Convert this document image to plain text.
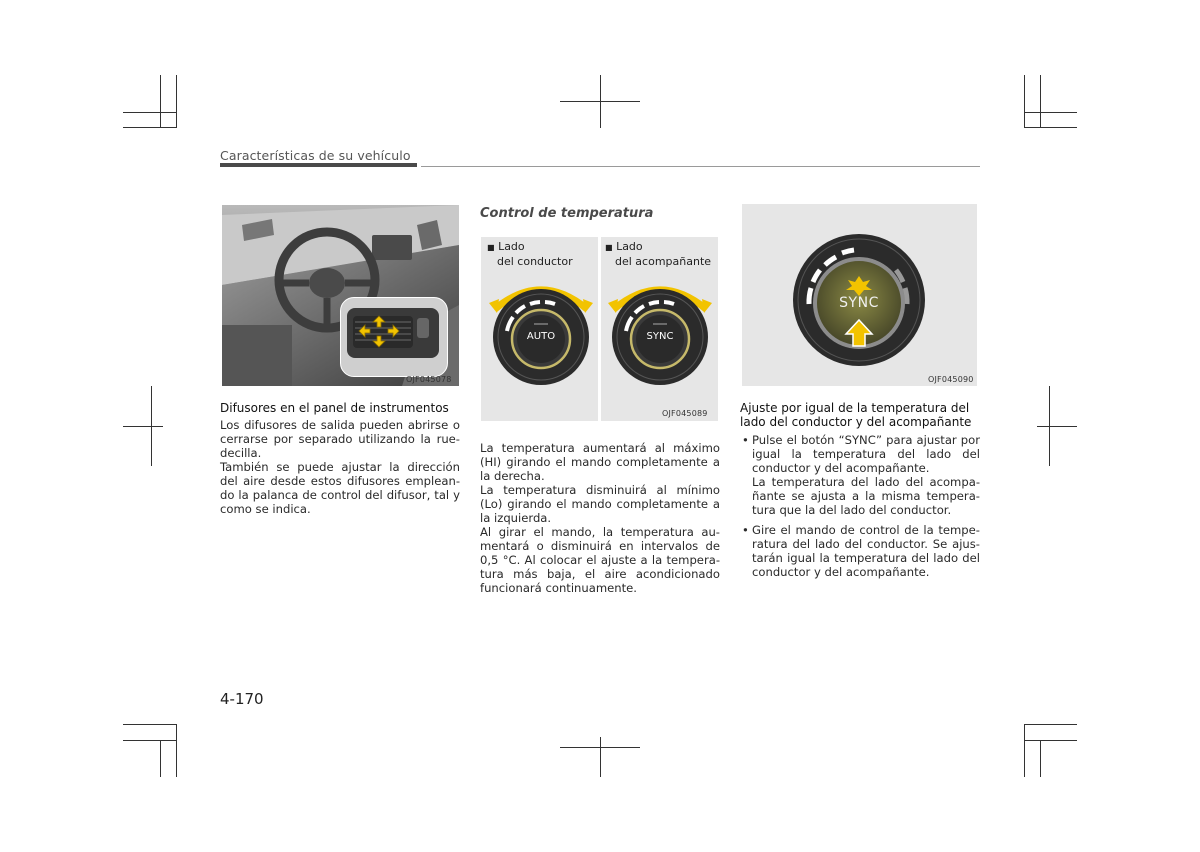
Características de su vehículo
OJF045078
Difusores en el panel de instrumentos

Los difusores de salida pueden abrirse o cerrarse por separado utilizando la rue-decilla.

También se puede ajustar la dirección del aire desde estos difusores emplean-do la palanca de control del difusor, tal y como se indica.

Control de temperatura
■ Lado
del conductor
■ Lado
del acompañante
AUTO	SYNC
OJF045089

La temperatura aumentará al máximo (HI) girando el mando completamente a la derecha.

La temperatura disminuirá al mínimo (Lo) girando el mando completamente a la izquierda.

Al girar el mando, la temperatura au-mentará o disminuirá en intervalos de 0,5 °C. Al colocar el ajuste a la tempera-tura más baja, el aire acondicionado funcionará continuamente.

SYNC
OJF045090
Ajuste por igual de la temperatura del
lado del conductor y del acompañante
• Pulse el botón “SYNC” para ajustar por igual la temperatura del lado del conductor y del acompañante.
La temperatura del lado del acompa-ñante se ajusta a la misma tempera-tura que la del lado del conductor.
• Gire el mando de control de la tempe-ratura del lado del conductor. Se ajus-tarán igual la temperatura del lado del conductor y del acompañante.
4-170
